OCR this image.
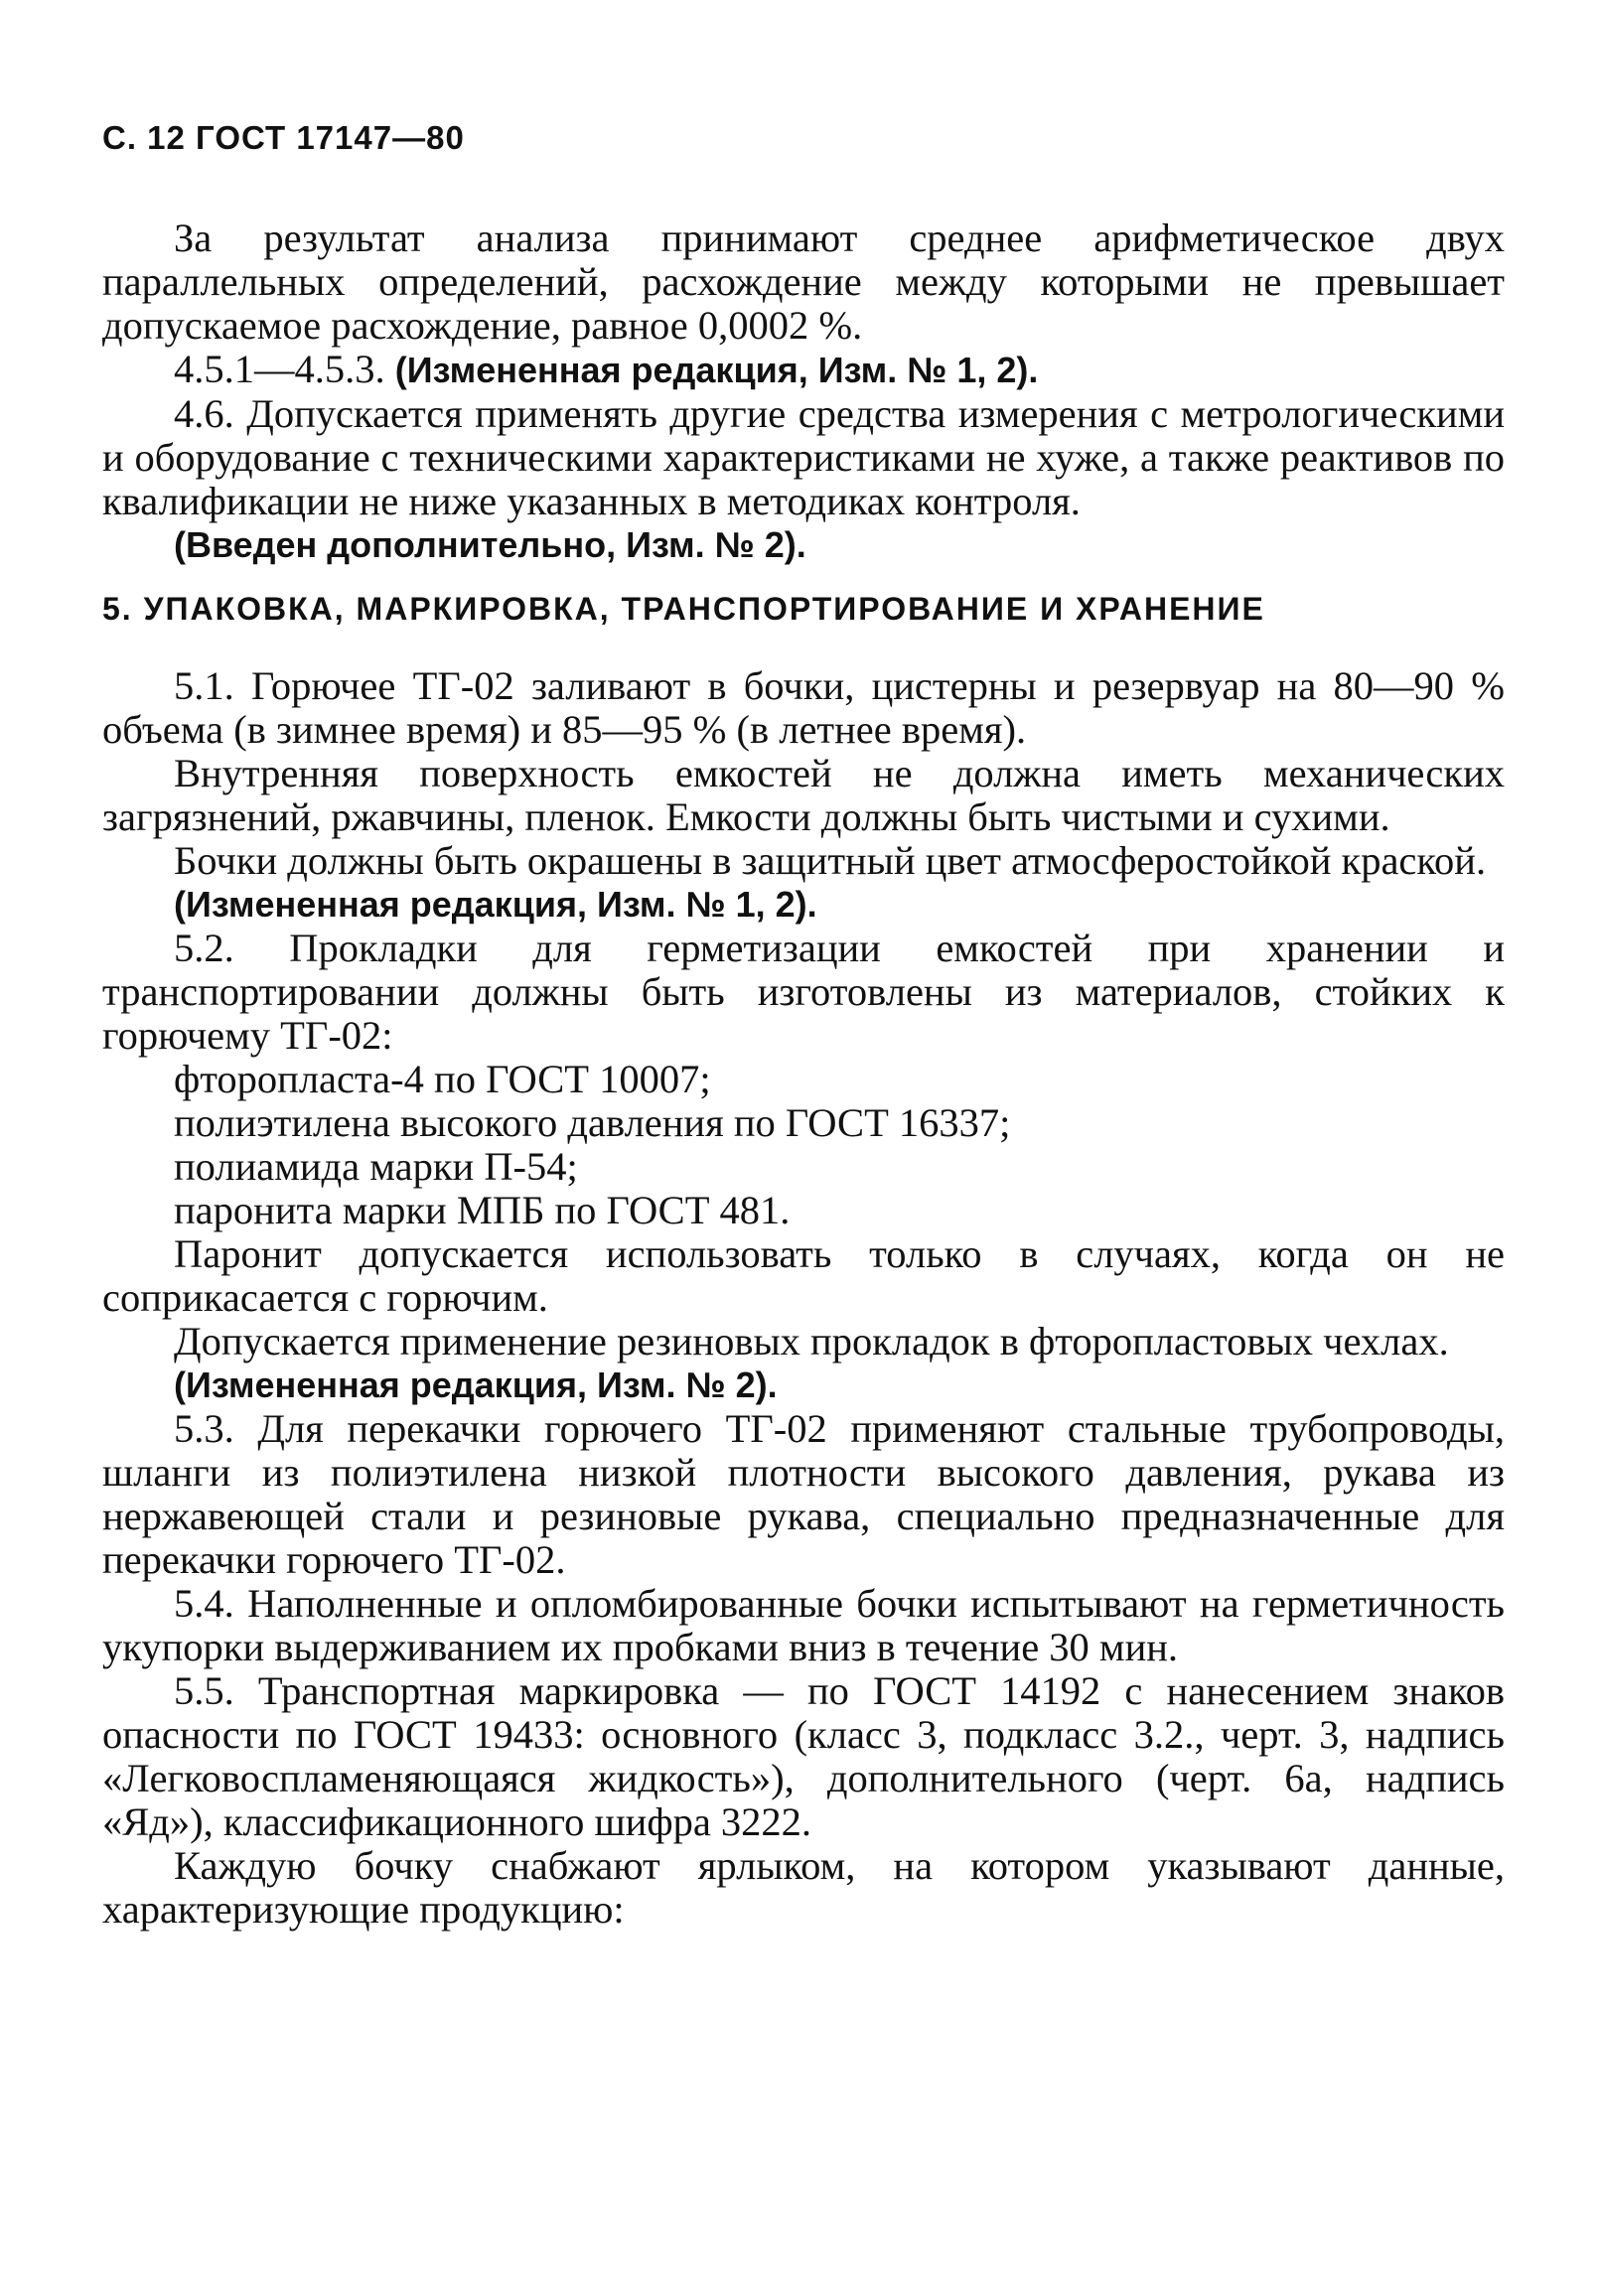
С. 12 ГОСТ 17147—80

За результат анализа принимают среднее арифметическое двух параллельных определений, расхождение между которыми не превышает допускаемое расхождение, равное 0,0002 %.

4.5.1—4.5.3. (Измененная редакция, Изм. № 1, 2).

4.6. Допускается применять другие средства измерения с метрологическими и оборудование с техническими характеристиками не хуже, а также реактивов по квалификации не ниже указанных в методиках контроля.

(Введен дополнительно, Изм. № 2).

5. УПАКОВКА, МАРКИРОВКА, ТРАНСПОРТИРОВАНИЕ И ХРАНЕНИЕ

5.1. Горючее ТГ-02 заливают в бочки, цистерны и резервуар на 80—90 % объема (в зимнее время) и 85—95 % (в летнее время).

Внутренняя поверхность емкостей не должна иметь механических загрязнений, ржавчины, пленок. Емкости должны быть чистыми и сухими.

Бочки должны быть окрашены в защитный цвет атмосферостойкой краской.

(Измененная редакция, Изм. № 1, 2).

5.2. Прокладки для герметизации емкостей при хранении и транспортировании должны быть изготовлены из материалов, стойких к горючему ТГ-02:

фторопласта-4 по ГОСТ 10007;

полиэтилена высокого давления по ГОСТ 16337;

полиамида марки П-54;

паронита марки МПБ по ГОСТ 481.

Паронит допускается использовать только в случаях, когда он не соприкасается с горючим.

Допускается применение резиновых прокладок в фторопластовых чехлах.

(Измененная редакция, Изм. № 2).

5.3. Для перекачки горючего ТГ-02 применяют стальные трубопроводы, шланги из полиэтилена низкой плотности высокого давления, рукава из нержавеющей стали и резиновые рукава, специально предназначенные для перекачки горючего ТГ-02.

5.4. Наполненные и опломбированные бочки испытывают на герметичность укупорки выдерживанием их пробками вниз в течение 30 мин.

5.5. Транспортная маркировка — по ГОСТ 14192 с нанесением знаков опасности по ГОСТ 19433: основного (класс 3, подкласс 3.2., черт. 3, надпись «Легковоспламеняющаяся жидкость»), дополнительного (черт. 6а, надпись «Яд»), классификационного шифра 3222.

Каждую бочку снабжают ярлыком, на котором указывают данные, характеризующие продукцию:
